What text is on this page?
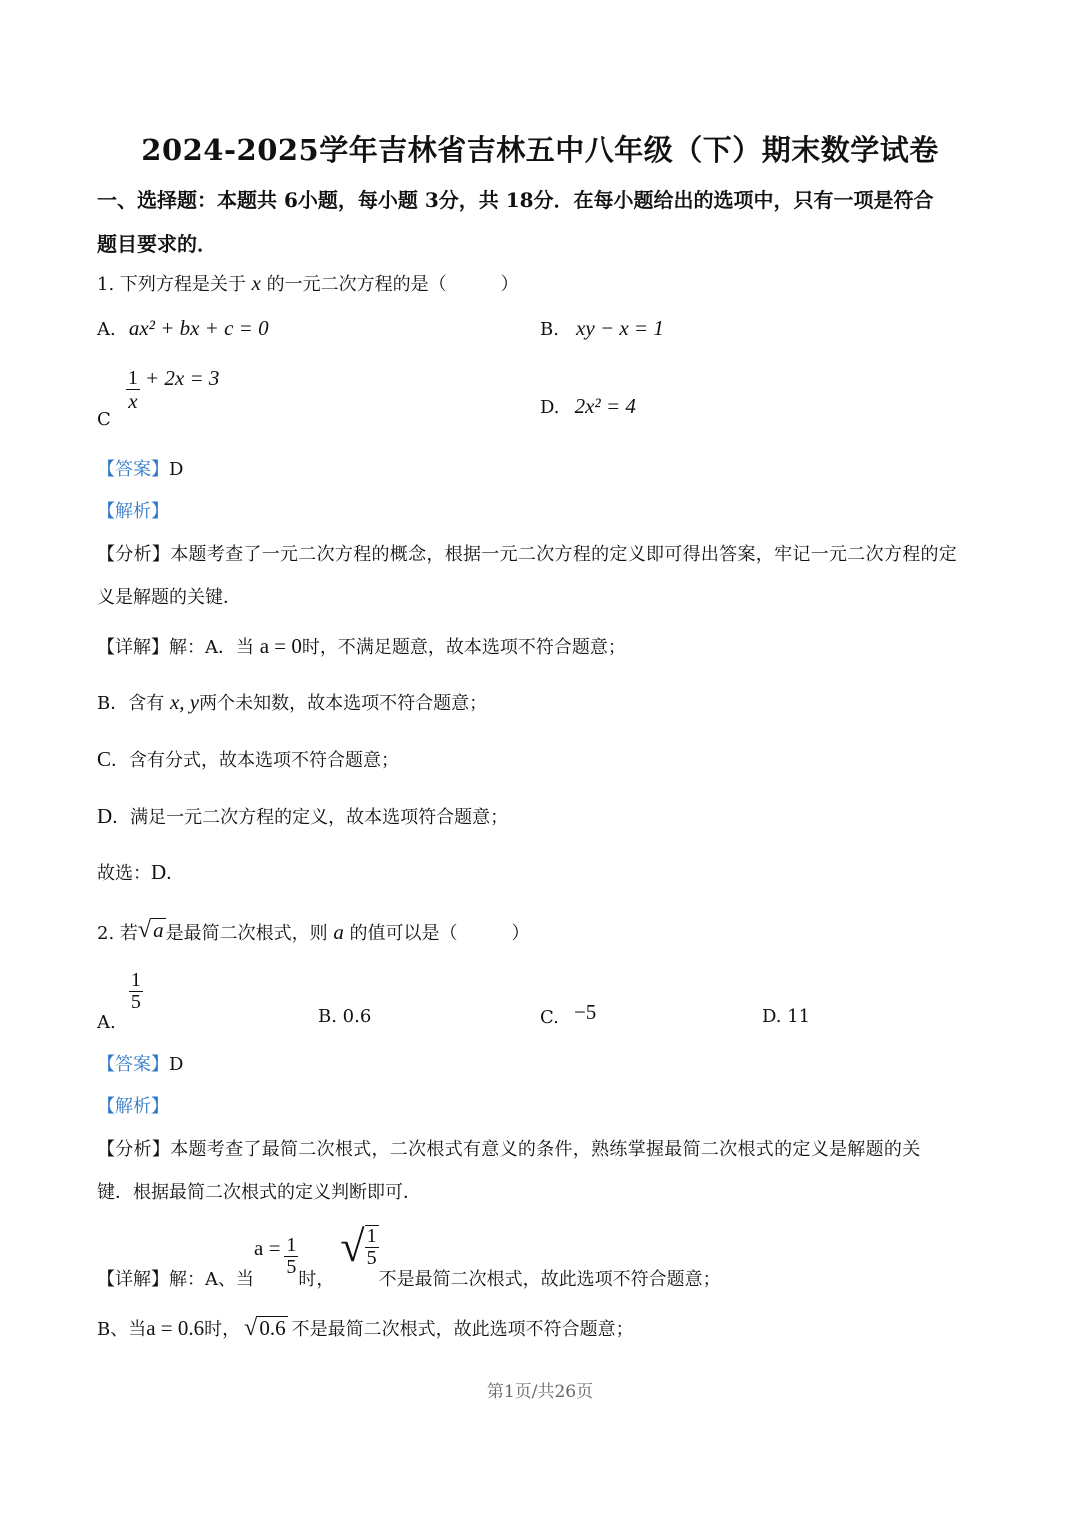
2024-2025学年吉林省吉林五中八年级（下）期末数学试卷
一、选择题：本题共 6小题，每小题 3分，共 18分．在每小题给出的选项中，只有一项是符合
题目要求的．
1. 下列方程是关于 x 的一元二次方程的是（　　　）
A. ax² + bx + c = 0	B. xy − x = 1
C
$\frac{1}{x} + 2x = 3$
D. 2x² = 4
【答案】D
【解析】
【分析】本题考查了一元二次方程的概念，根据一元二次方程的定义即可得出答案，牢记一元二次方程的定
义是解题的关键．
【详解】解：A．当 a = 0时，不满足题意，故本选项不符合题意；
B．含有 x, y两个未知数，故本选项不符合题意；
C．含有分式，故本选项不符合题意；
D．满足一元二次方程的定义，故本选项符合题意；
故选：D．
2. 若 √ a 是最简二次根式，则 a 的值可以是（　　　）
A.
$\frac{1}{5}$
B. 0.6	C. −5	D. 11
【答案】D
【解析】
【分析】本题考查了最简二次根式，二次根式有意义的条件，熟练掌握最简二次根式的定义是解题的关
键．根据最简二次根式的定义判断即可．
【详解】解：A、当$a = \frac{1}{5}$
时，
√ $\frac{1}{5}$
不是最简二次根式，故此选项不符合题意；
B、当a = 0.6时， √ 0.6 不是最简二次根式，故此选项不符合题意；
第1页/共26页
